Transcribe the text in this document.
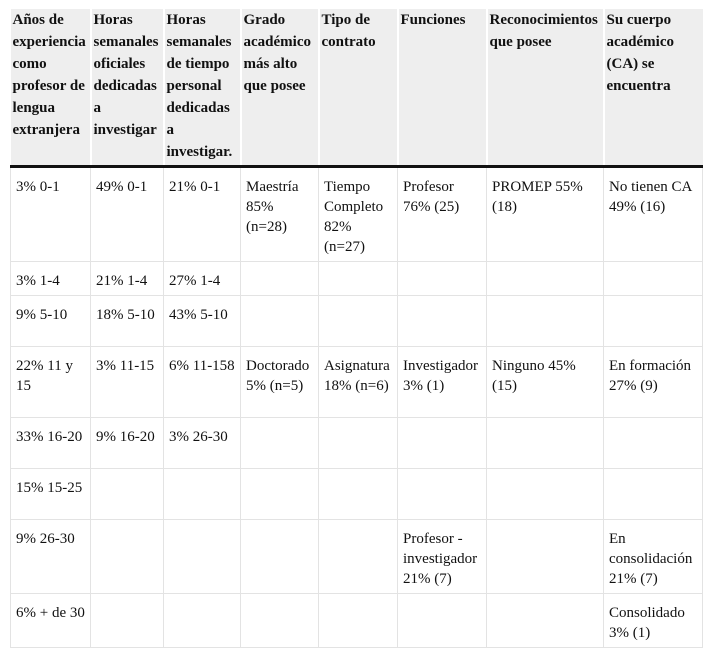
Años de experiencia como profesor de lengua extranjera	Horas semanales oficiales dedicadas a investigar	Horas semanales de tiempo personal dedicadas a investigar.	Grado académico más alto que posee	Tipo de contrato	Funciones	Reconocimientos que posee	Su cuerpo académico (CA) se encuentra
3% 0-1	49% 0-1	21% 0-1	Maestría 85% (n=28)	Tiempo Completo 82% (n=27)	Profesor 76% (25)	PROMEP 55% (18)	No tienen CA 49% (16)
3% 1-4	21% 1-4	27% 1-4					
9% 5-10	18% 5-10	43% 5-10					
22% 11 y 15	3% 11-15	6% 11-158	Doctorado 5% (n=5)	Asignatura 18% (n=6)	Investigador 3% (1)	Ninguno 45% (15)	En formación 27% (9)
33% 16-20	9% 16-20	3% 26-30					
15% 15-25							
9% 26-30					Profesor - investigador 21% (7)		En consolidación 21% (7)
6% + de 30							Consolidado 3% (1)
